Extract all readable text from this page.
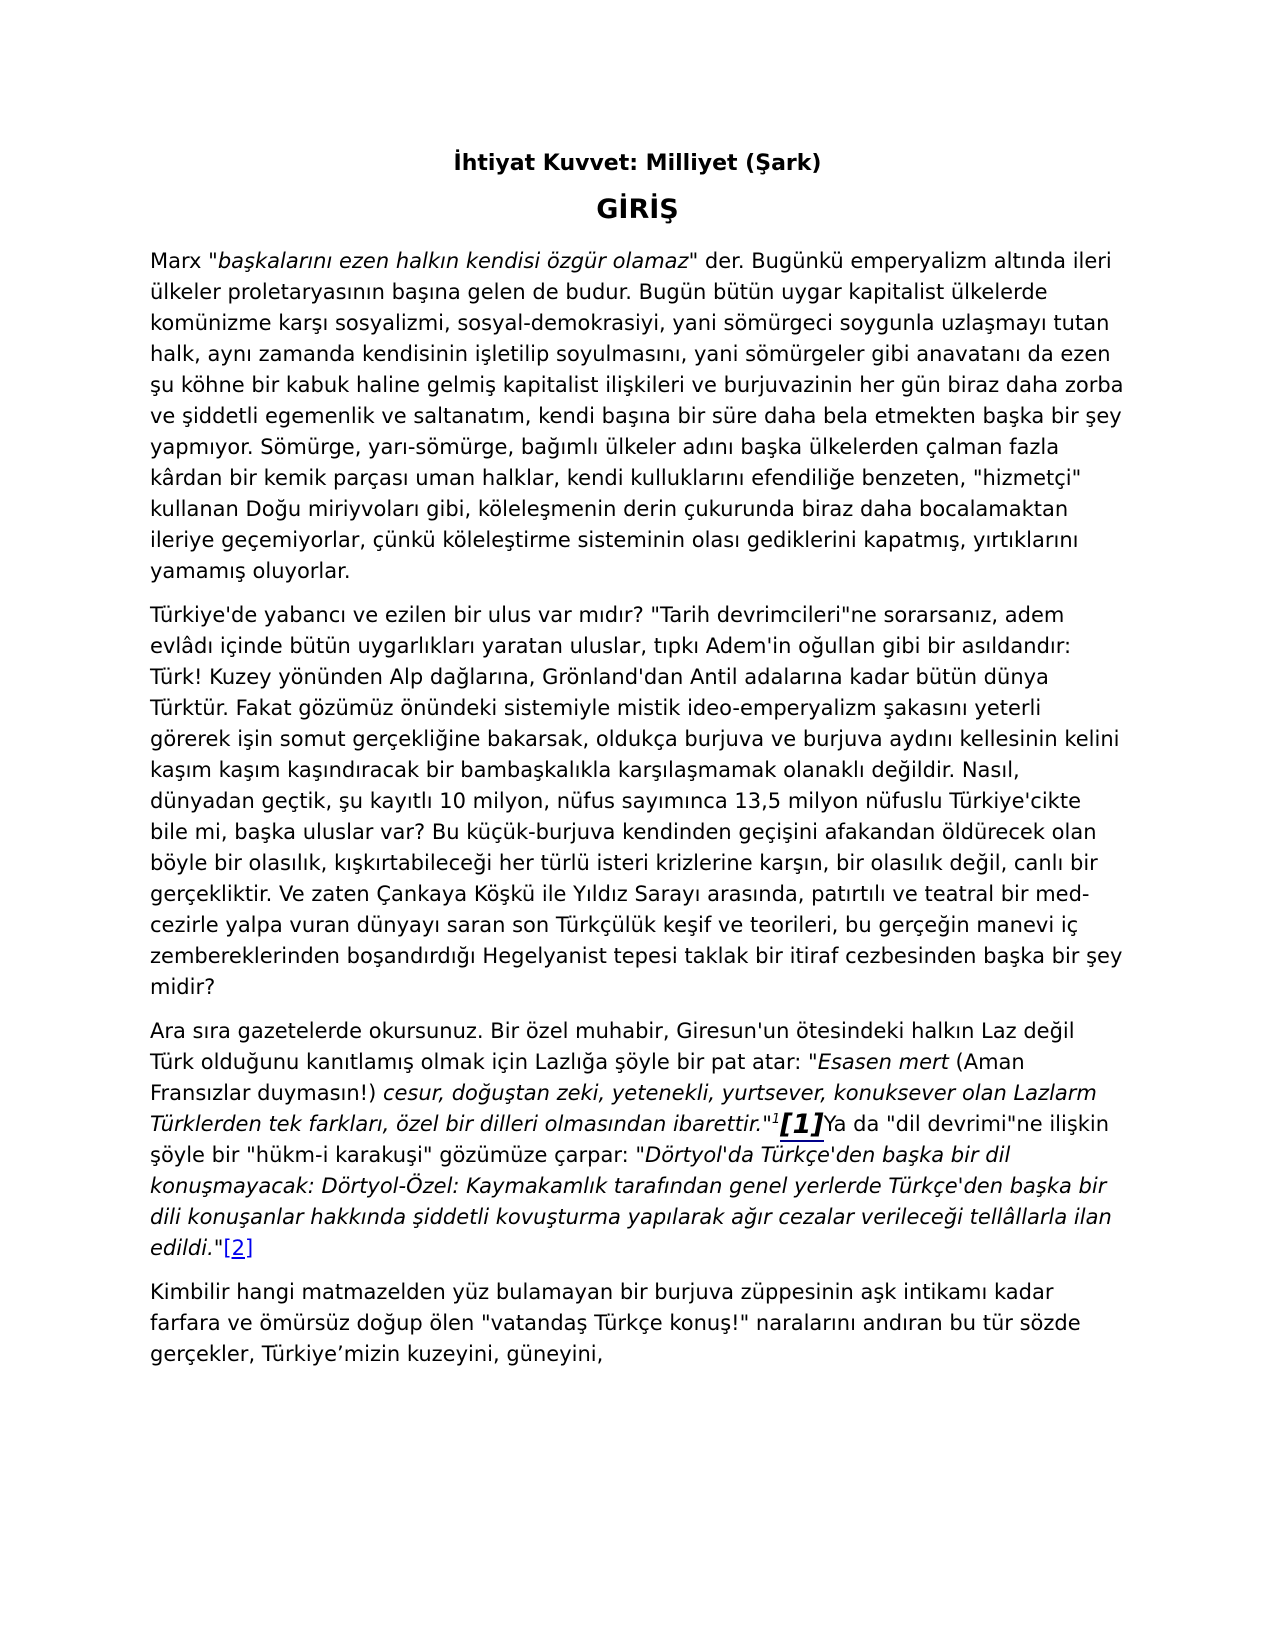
İhtiyat Kuvvet: Milliyet (Şark)
GİRİŞ

Marx "başkalarını ezen halkın kendisi özgür olamaz" der. Bugünkü emperyalizm altında ileri ülkeler proletaryasının başına gelen de budur. Bugün bütün uygar kapitalist ülkelerde komünizme karşı sosyalizmi, sosyal-demokrasiyi, yani sömürgeci soygunla uzlaşmayı tutan halk, aynı zamanda kendisinin işletilip soyulmasını, yani sömürgeler gibi anavatanı da ezen şu köhne bir kabuk haline gelmiş kapitalist ilişkileri ve burjuvazinin her gün biraz daha zorba ve şiddetli egemenlik ve saltanatım, kendi başına bir süre daha bela etmekten başka bir şey yapmıyor. Sömürge, yarı-sömürge, bağımlı ülkeler adını başka ülkelerden çalman fazla kârdan bir kemik parçası uman halklar, kendi kulluklarını efendiliğe benzeten, "hizmetçi" kullanan Doğu miriyvoları gibi, köleleşmenin derin çukurunda biraz daha bocalamaktan ileriye geçemiyorlar, çünkü köleleştirme sisteminin olası gediklerini kapatmış, yırtıklarını yamamış oluyorlar.

Türkiye'de yabancı ve ezilen bir ulus var mıdır? "Tarih devrimcileri"ne sorarsanız, adem evlâdı içinde bütün uygarlıkları yaratan uluslar, tıpkı Adem'in oğullan gibi bir asıldandır: Türk! Kuzey yönünden Alp dağlarına, Grönland'dan Antil adalarına kadar bütün dünya Türktür. Fakat gözümüz önündeki sistemiyle mistik ideo-emperyalizm şakasını yeterli görerek işin somut gerçekliğine bakarsak, oldukça burjuva ve burjuva aydını kellesinin kelini kaşım kaşım kaşındıracak bir bambaşkalıkla karşılaşmamak olanaklı değildir. Nasıl, dünyadan geçtik, şu kayıtlı 10 milyon, nüfus sayımınca 13,5 milyon nüfuslu Türkiye'cikte bile mi, başka uluslar var? Bu küçük-burjuva kendinden geçişini afakandan öldürecek olan böyle bir olasılık, kışkırtabileceği her türlü isteri krizlerine karşın, bir olasılık değil, canlı bir gerçekliktir. Ve zaten Çankaya Köşkü ile Yıldız Sarayı arasında, patırtılı ve teatral bir med-cezirle yalpa vuran dünyayı saran son Türkçülük keşif ve teorileri, bu gerçeğin manevi iç zembereklerinden boşandırdığı Hegelyanist tepesi taklak bir itiraf cezbesinden başka bir şey midir?

Ara sıra gazetelerde okursunuz. Bir özel muhabir, Giresun'un ötesindeki halkın Laz değil Türk olduğunu kanıtlamış olmak için Lazlığa şöyle bir pat atar: "Esasen mert (Aman Fransızlar duymasın!) cesur, doğuştan zeki, yetenekli, yurtsever, konuksever olan Lazlarm Türklerden tek farkları, özel bir dilleri olmasından ibarettir."$^1$[1]Ya da "dil devrimi"ne ilişkin şöyle bir "hükm-i karakuşi" gözümüze çarpar: "Dörtyol'da Türkçe'den başka bir dil konuşmayacak: Dörtyol-Özel: Kaymakamlık tarafından genel yerlerde Türkçe'den başka bir dili konuşanlar hakkında şiddetli kovuşturma yapılarak ağır cezalar verileceği tellâllarla ilan edildi."[2]

Kimbilir hangi matmazelden yüz bulamayan bir burjuva züppesinin aşk intikamı kadar farfara ve ömürsüz doğup ölen "vatandaş Türkçe konuş!" naralarını andıran bu tür sözde gerçekler, Türkiye’mizin kuzeyini, güneyini,
